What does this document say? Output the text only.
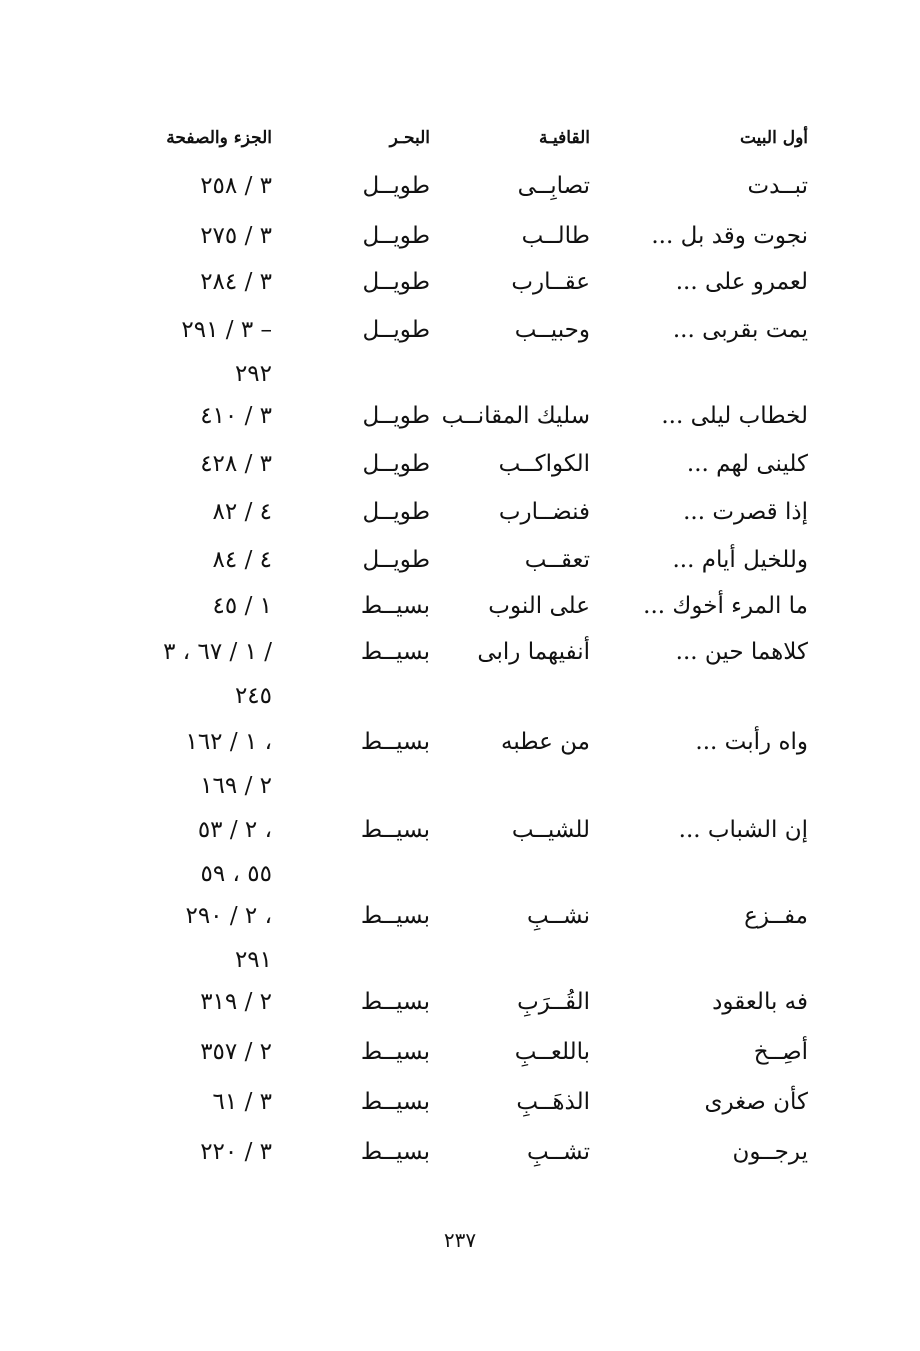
أول البيت
القافيـة
البحـر
الجزء والصفحة
تبــدت
تصابِــى
طويــل
٣ / ٢٥٨
نجوت وقد بل ...
طالــب
طويــل
٣ / ٢٧٥
لعمرو على ...
عقــارب
طويــل
٣ / ٢٨٤
يمت بقربى ...
وحبيــب
طويــل
٣ / ٢٩١ –
٢٩٢
لخطاب ليلى ...
سليك المقانــب
طويــل
٣ / ٤١٠
كلينى لهم ...
الكواكــب
طويــل
٣ / ٤٢٨
إذا قصرت ...
فنضــارب
طويــل
٤ / ٨٢
وللخيل أيام ...
تعقــب
طويــل
٤ / ٨٤
ما المرء أخوك ...
على النوب
بسيــط
١ / ٤٥
كلاهما حين ...
أنفيهما رابى
بسيــط
١ / ٦٧ ، ٣ /
٢٤٥
واه رأبت ...
من عطبه
بسيــط
١ / ١٦٢ ،
٢ / ١٦٩
إن الشباب ...
للشيــب
بسيــط
٢ / ٥٣ ،
٥٥ ، ٥٩
مفــزع
نشــبِ
بسيــط
٢ / ٢٩٠ ،
٢٩١
فه بالعقود
القُــرَبِ
بسيــط
٢ / ٣١٩
أصِــخ
باللعــبِ
بسيــط
٢ / ٣٥٧
كأن صغرى
الذهَــبِ
بسيــط
٣ / ٦١
يرجــون
تشــبِ
بسيــط
٣ / ٢٢٠
٢٣٧
